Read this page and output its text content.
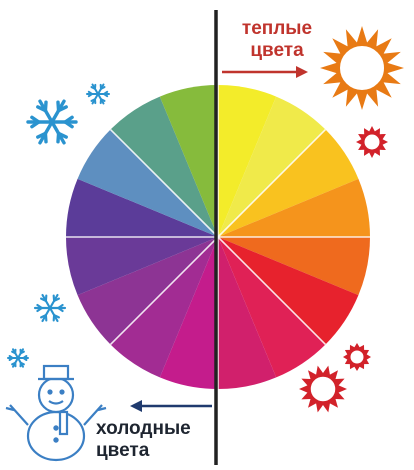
теплые
цвета
холодные
цвета
